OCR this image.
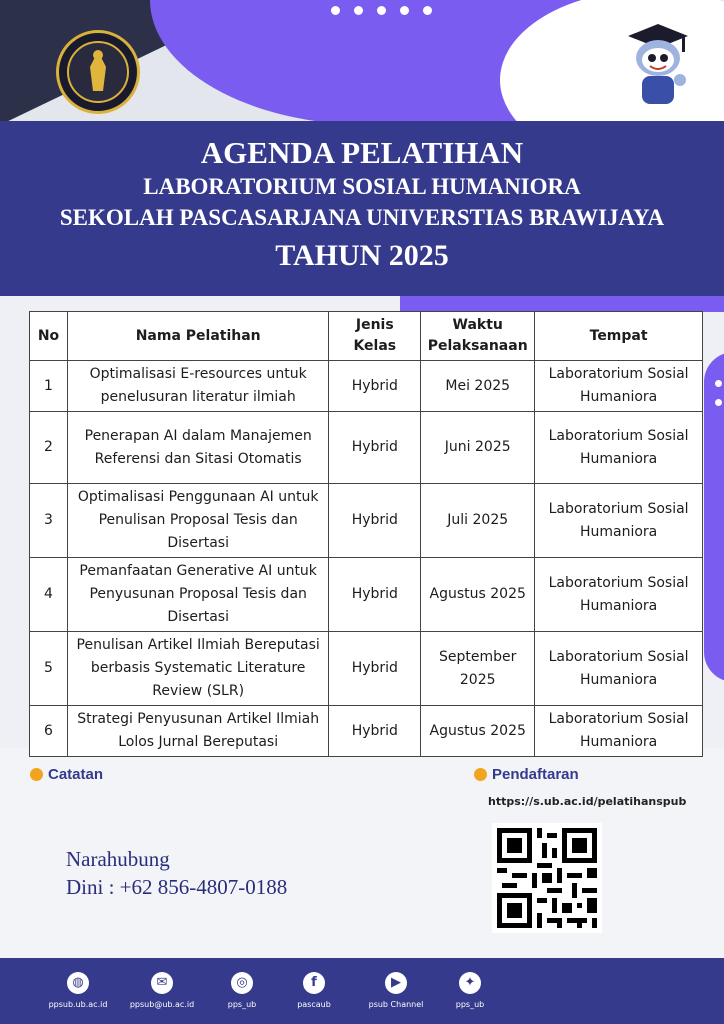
AGENDA PELATIHAN
LABORATORIUM SOSIAL HUMANIORA
SEKOLAH PASCASARJANA UNIVERSTIAS BRAWIJAYA
TAHUN 2025
No	Nama Pelatihan	Jenis Kelas	Waktu Pelaksanaan	Tempat
1	Optimalisasi E-resources untuk penelusuran literatur ilmiah	Hybrid	Mei 2025	Laboratorium Sosial Humaniora
2	Penerapan AI dalam Manajemen Referensi dan Sitasi Otomatis	Hybrid	Juni 2025	Laboratorium Sosial Humaniora
3	Optimalisasi Penggunaan AI untuk Penulisan Proposal Tesis dan Disertasi	Hybrid	Juli 2025	Laboratorium Sosial Humaniora
4	Pemanfaatan Generative AI untuk Penyusunan Proposal Tesis dan Disertasi	Hybrid	Agustus 2025	Laboratorium Sosial Humaniora
5	Penulisan Artikel Ilmiah Bereputasi berbasis Systematic Literature Review (SLR)	Hybrid	September 2025	Laboratorium Sosial Humaniora
6	Strategi Penyusunan Artikel Ilmiah Lolos Jurnal Bereputasi	Hybrid	Agustus 2025	Laboratorium Sosial Humaniora
Catatan	Pendaftaran
https://s.ub.ac.id/pelatihanspub
Narahubung
Dini : +62 856-4807-0188
◍
ppsub.ub.ac.id
✉
ppsub@ub.ac.id
◎
pps_ub
f
pascaub
▶
psub Channel
✦
pps_ub
